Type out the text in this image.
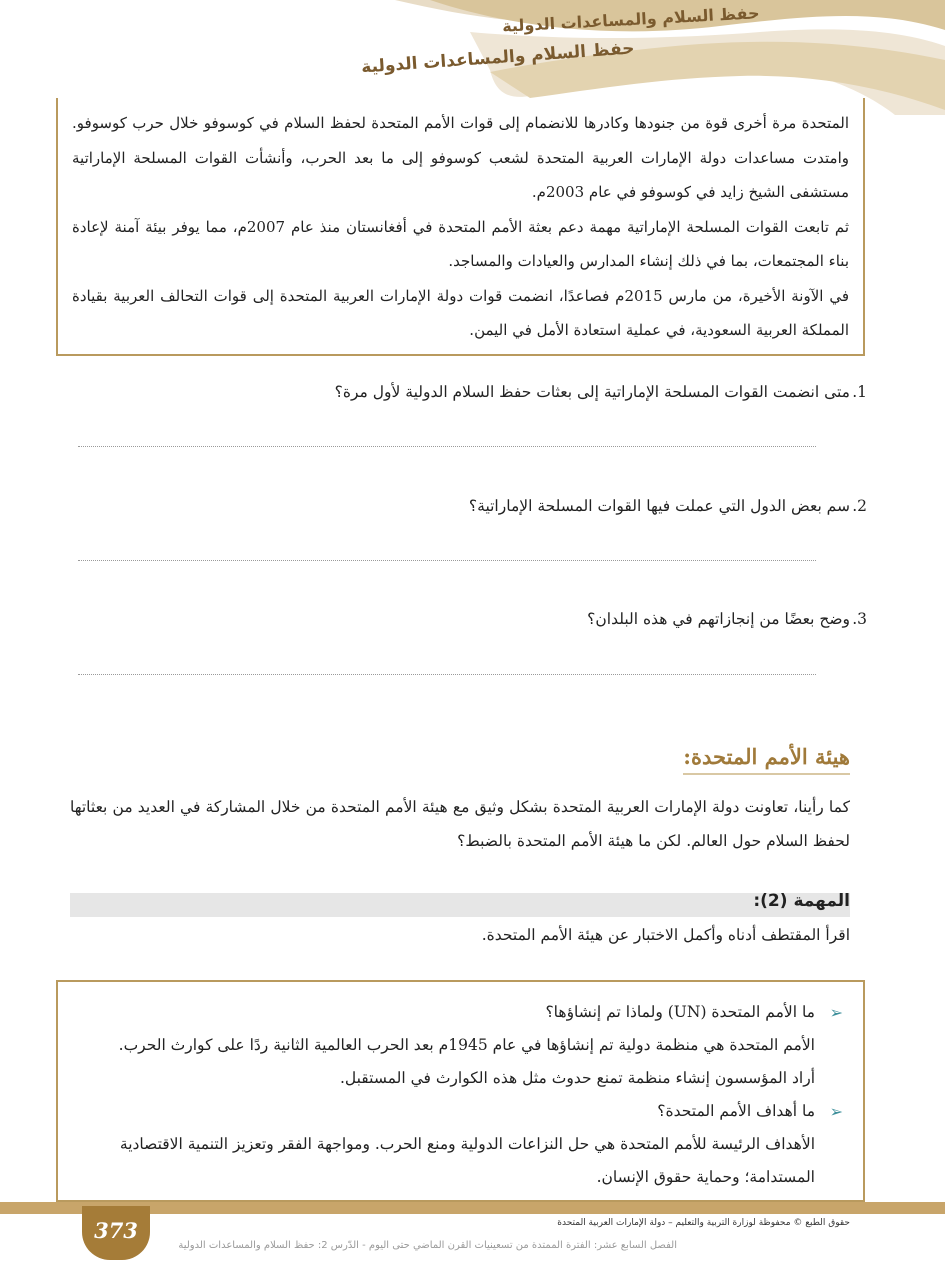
حفظ السلام والمساعدات الدولية
حفظ السلام والمساعدات الدولية

المتحدة مرة أخرى قوة من جنودها وكادرها للانضمام إلى قوات الأمم المتحدة لحفظ السلام في كوسوفو خلال حرب كوسوفو. وامتدت مساعدات دولة الإمارات العربية المتحدة لشعب كوسوفو إلى ما بعد الحرب، وأنشأت القوات المسلحة الإماراتية مستشفى الشيخ زايد في كوسوفو في عام 2003م.

ثم تابعت القوات المسلحة الإماراتية مهمة دعم بعثة الأمم المتحدة في أفغانستان منذ عام 2007م، مما يوفر بيئة آمنة لإعادة بناء المجتمعات، بما في ذلك إنشاء المدارس والعيادات والمساجد.

في الآونة الأخيرة، من مارس 2015م فصاعدًا، انضمت قوات دولة الإمارات العربية المتحدة إلى قوات التحالف العربية بقيادة المملكة العربية السعودية، في عملية استعادة الأمل في اليمن.

1.
متى انضمت القوات المسلحة الإماراتية إلى بعثات حفظ السلام الدولية لأول مرة؟
2.
سم بعض الدول التي عملت فيها القوات المسلحة الإماراتية؟
3.
وضح بعضًا من إنجازاتهم في هذه البلدان؟
هيئة الأمم المتحدة:

كما رأينا، تعاونت دولة الإمارات العربية المتحدة بشكل وثيق مع هيئة الأمم المتحدة من خلال المشاركة في العديد من بعثاتها لحفظ السلام حول العالم. لكن ما هيئة الأمم المتحدة بالضبط؟

المهمة (2):
اقرأ المقتطف أدناه وأكمل الاختبار عن هيئة الأمم المتحدة.

➢
ما الأمم المتحدة (UN) ولماذا تم إنشاؤها؟

الأمم المتحدة هي منظمة دولية تم إنشاؤها في عام 1945م بعد الحرب العالمية الثانية ردًا على كوارث الحرب.

أراد المؤسسون إنشاء منظمة تمنع حدوث مثل هذه الكوارث في المستقبل.

➢
ما أهداف الأمم المتحدة؟

الأهداف الرئيسة للأمم المتحدة هي حل النزاعات الدولية ومنع الحرب. ومواجهة الفقر وتعزيز التنمية الاقتصادية المستدامة؛ وحماية حقوق الإنسان.

373	حقوق الطبع © محفوظة لوزارة التربية والتعليم – دولة الإمارات العربية المتحدة
الفصل السابع عشر: الفترة الممتدة من تسعينيات القرن الماضي حتى اليوم - الدّرس 2: حفظ السلام والمساعدات الدولية
